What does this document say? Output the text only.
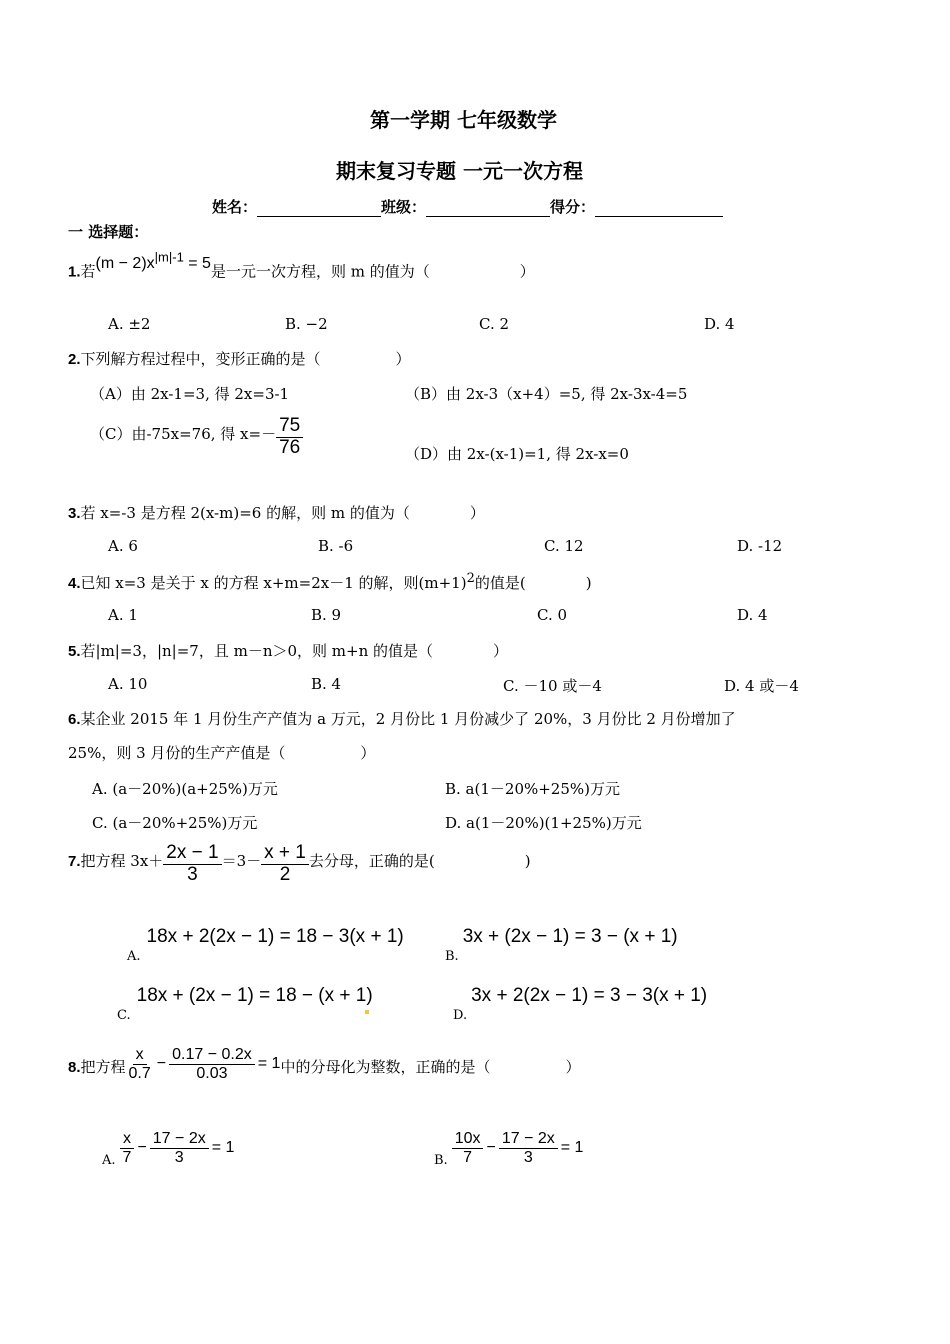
第一学期 七年级数学
期末复习专题 一元一次方程
姓名：	班级：	得分：
一 选择题：
1.若$(m - 2)x^{|m|-1} = 5$是一元一次方程，则 m 的值为（　　　　　　）
A. ±2	B. −2	C. 2	D. 4
2.下列解方程过程中，变形正确的是（　　　　　）
（A）由 2x-1=3, 得 2x=3-1	（B）由 2x-3（x+4）=5, 得 2x-3x-4=5
（C）由-75x=76, 得 $x=- \frac{75}{76}$	（D）由 2x-(x-1)=1, 得 2x-x=0
3.若 x=-3 是方程 2(x-m)=6 的解，则 m 的值为（　　　　）
A. 6	B. -6	C. 12	D. -12
4.已知 x=3 是关于 x 的方程 x+m=2x－1 的解，则$(m+1)^2$的值是(　　　　)
A. 1	B. 9	C. 0	D. 4
5.若|m|=3，|n|=7，且 m－n＞0，则 m+n 的值是（　　　　）
A. 10	B. 4	C. －10 或－4	D. 4 或－4
6.某企业 2015 年 1 月份生产产值为 a 万元，2 月份比 1 月份减少了 20%，3 月份比 2 月份增加了
25%，则 3 月份的生产产值是（　　　　　）
A. (a－20%)(a+25%)万元	B. a(1－20%+25%)万元
C. (a－20%+25%)万元	D. a(1－20%)(1+25%)万元
7.把方程 $3x+ \frac{2x - 1}{3} =3- \frac{x + 1}{2}$ 去分母，正确的是(　　　　　　)
A.18x + 2(2x − 1) = 18 − 3(x + 1)
B.3x + (2x − 1) = 3 − (x + 1)
C.18x + (2x − 1) = 18 − (x + 1)
D.3x + 2(2x − 1) = 3 − 3(x + 1)
8.把方程 $\frac{x}{0.7} - \frac{0.17 - 0.2x}{0.03} = 1$中的分母化为整数，正确的是（　　　　　）
A. $\frac{x}{7} - \frac{17 - 2x}{3} = 1$
B. $\frac{10x}{7} - \frac{17 - 2x}{3} = 1$
